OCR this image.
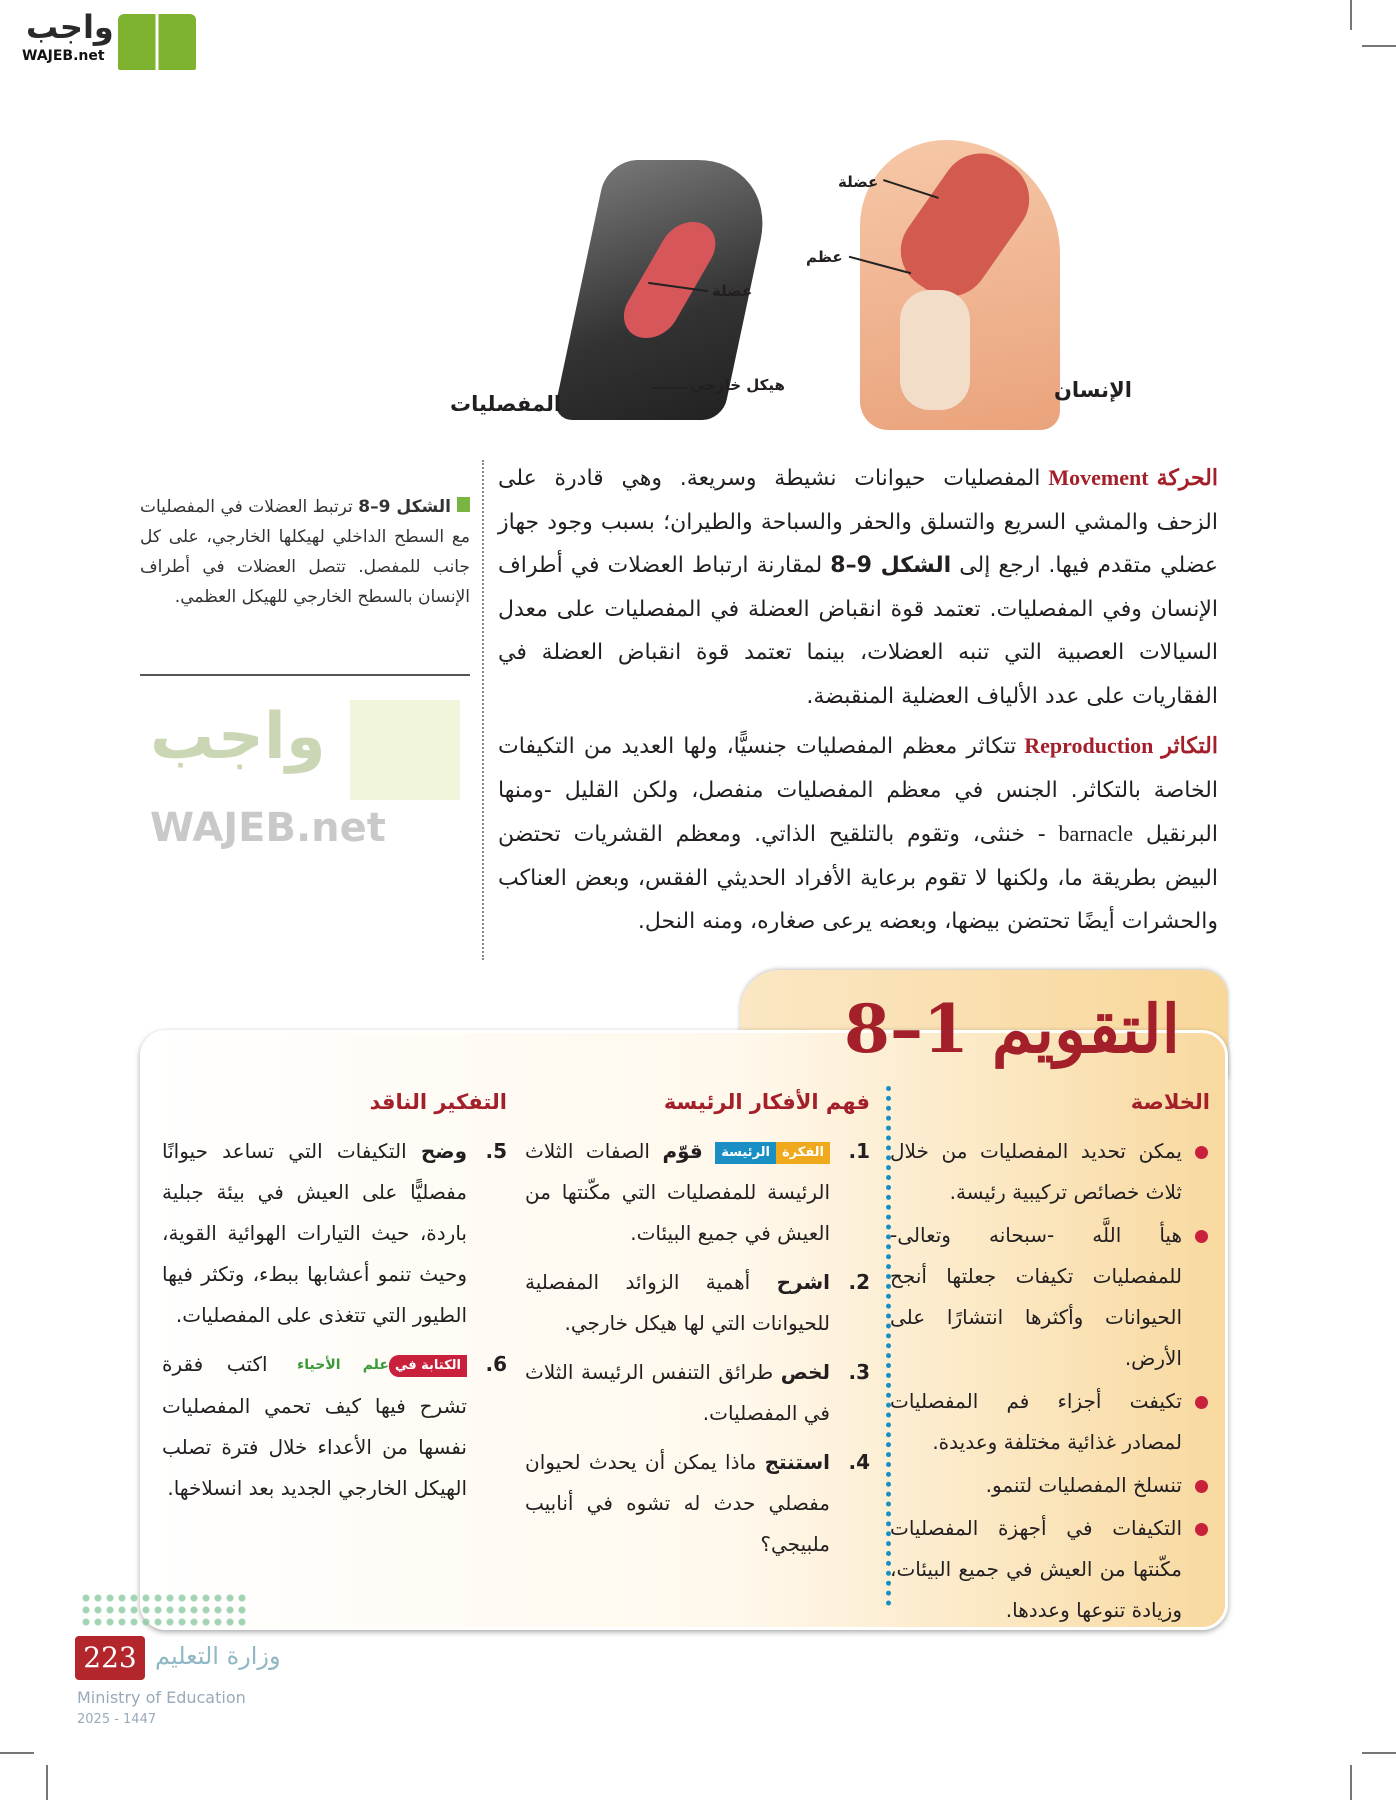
واجب
WAJEB.net
عضلة
هيكل خارجي
عضلة
عظم
المفصليات
الإنسان
الشكل 9–8 ترتبط العضلات في المفصليات مع السطح الداخلي لهيكلها الخارجي، على كل جانب للمفصل. تتصل العضلات في أطراف الإنسان بالسطح الخارجي للهيكل العظمي.
واجب
WAJEB.net

الحركةMovementالمفصليات حيوانات نشيطة وسريعة. وهي قادرة على الزحف والمشي السريع والتسلق والحفر والسباحة والطيران؛ بسبب وجود جهاز عضلي متقدم فيها. ارجع إلى الشكل 9–8 لمقارنة ارتباط العضلات في أطراف الإنسان وفي المفصليات. تعتمد قوة انقباض العضلة في المفصليات على معدل السيالات العصبية التي تنبه العضلات، بينما تعتمد قوة انقباض العضلة في الفقاريات على عدد الألياف العضلية المنقبضة.

التكاثرReproductionتتكاثر معظم المفصليات جنسيًّا، ولها العديد من التكيفات الخاصة بالتكاثر. الجنس في معظم المفصليات منفصل، ولكن القليل -ومنها البرنقيل barnacle - خنثى، وتقوم بالتلقيح الذاتي. ومعظم القشريات تحتضن البيض بطريقة ما، ولكنها لا تقوم برعاية الأفراد الحديثي الفقس، وبعض العناكب والحشرات أيضًا تحتضن بيضها، وبعضه يرعى صغاره، ومنه النحل.

التقويم 1–8
الخلاصة
يمكن تحديد المفصليات من خلال ثلاث خصائص تركيبية رئيسة.
هيأ اللَّه -سبحانه وتعالى- للمفصليات تكيفات جعلتها أنجح الحيوانات وأكثرها انتشارًا على الأرض.
تكيفت أجزاء فم المفصليات لمصادر غذائية مختلفة وعديدة.
تنسلخ المفصليات لتنمو.
التكيفات في أجهزة المفصليات مكّنتها من العيش في جميع البيئات، وزيادة تنوعها وعددها.
فهم الأفكار الرئيسة
1.
الفكرةالرئيسة قوّم الصفات الثلاث الرئيسة للمفصليات التي مكّنتها من العيش في جميع البيئات.
2.
اشرح أهمية الزوائد المفصلية للحيوانات التي لها هيكل خارجي.
3.
لخص طرائق التنفس الرئيسة الثلاث في المفصليات.
4.
استنتج ماذا يمكن أن يحدث لحيوان مفصلي حدث له تشوه في أنابيب ملبيجي؟
التفكير الناقد
5.
وضح التكيفات التي تساعد حيوانًا مفصليًّا على العيش في بيئة جبلية باردة، حيث التيارات الهوائية القوية، وحيث تنمو أعشابها ببطء، وتكثر فيها الطيور التي تتغذى على المفصليات.
6.
الكتابة فيعلم الأحياء اكتب فقرة تشرح فيها كيف تحمي المفصليات نفسها من الأعداء خلال فترة تصلب الهيكل الخارجي الجديد بعد انسلاخها.
223 وزارة التعليم
Ministry of Education
2025 - 1447
